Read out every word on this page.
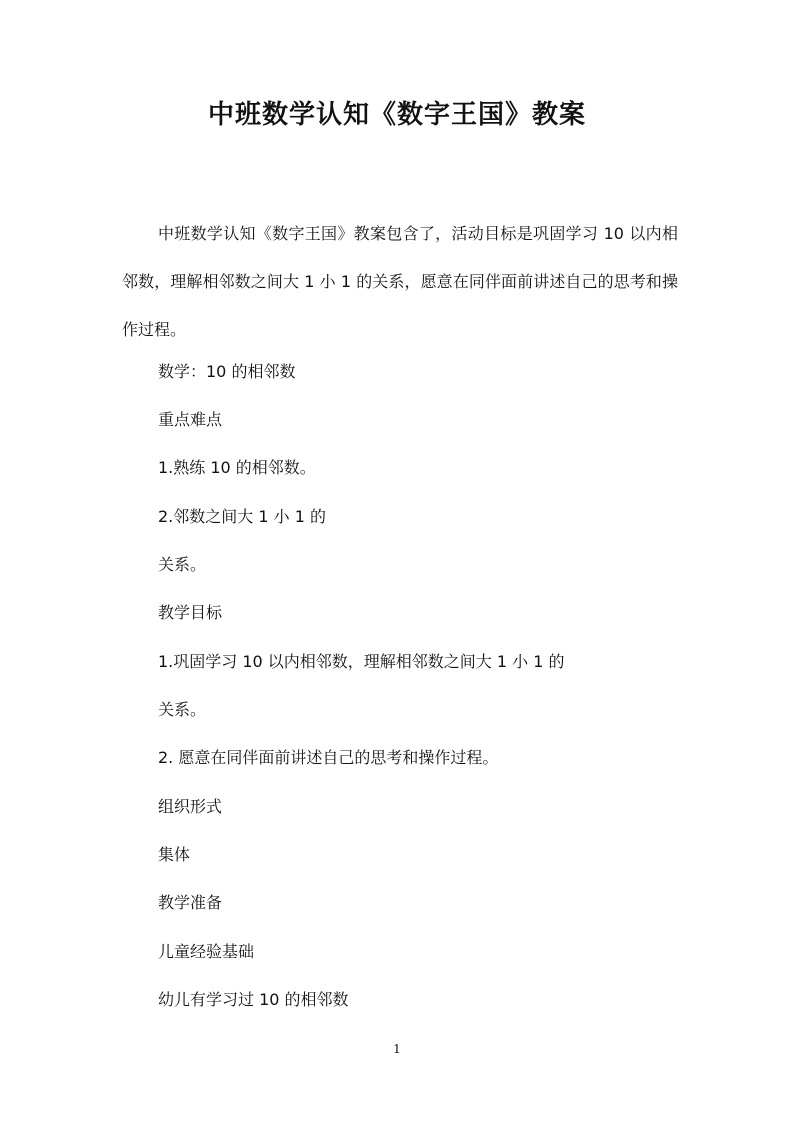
中班数学认知《数字王国》教案

中班数学认知《数字王国》教案包含了，活动目标是巩固学习 10 以内相邻数，理解相邻数之间大 1 小 1 的关系，愿意在同伴面前讲述自己的思考和操作过程。

数学：10 的相邻数
重点难点
1.熟练 10 的相邻数。
2.邻数之间大 1 小 1 的
关系。
教学目标
1.巩固学习 10 以内相邻数，理解相邻数之间大 1 小 1 的
关系。
2. 愿意在同伴面前讲述自己的思考和操作过程。
组织形式
集体
教学准备
儿童经验基础
幼儿有学习过 10 的相邻数
1
